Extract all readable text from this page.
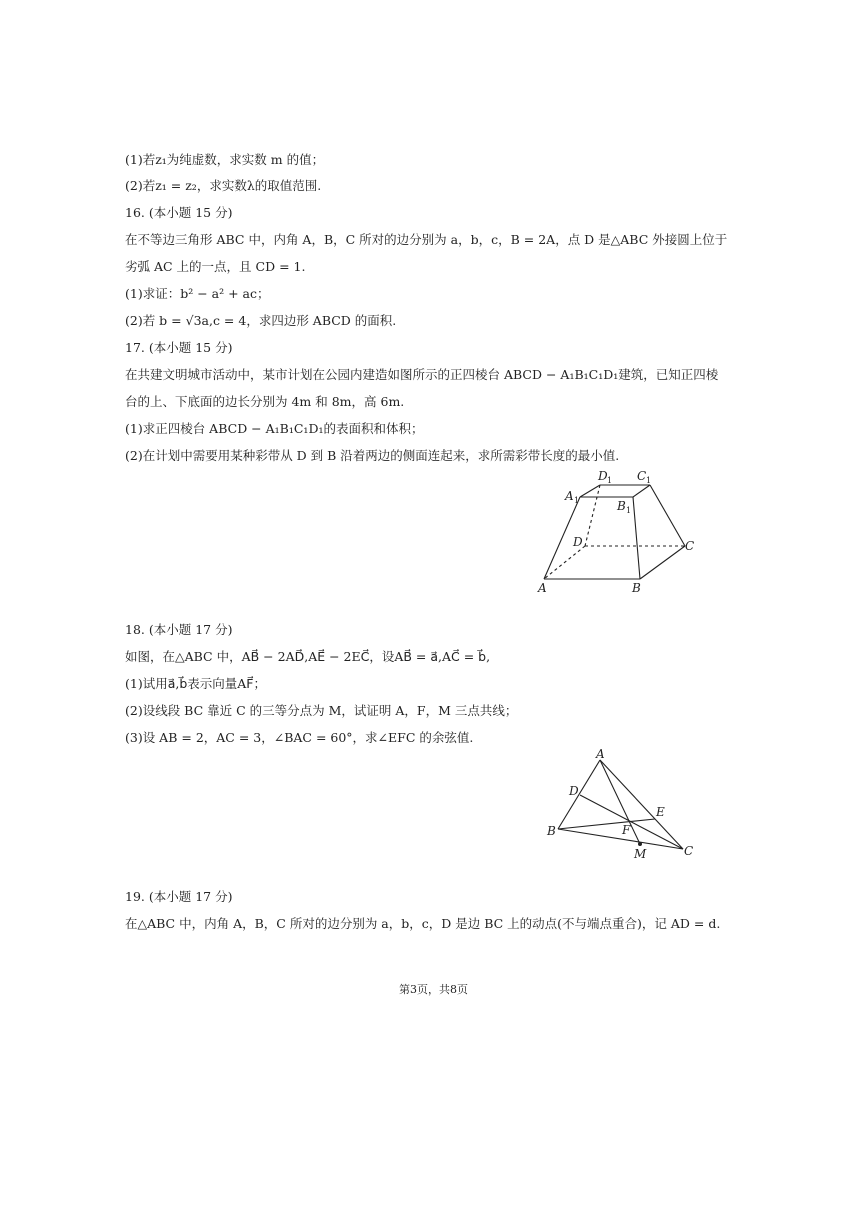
(1)若z₁为纯虚数，求实数 m 的值；

(2)若z₁ = z₂，求实数λ的取值范围.

16. (本小题 15 分)

在不等边三角形 ABC 中，内角 A，B，C 所对的边分别为 a，b，c，B = 2A，点 D 是△ABC 外接圆上位于

劣弧 AC 上的一点，且 CD = 1.

(1)求证：b² − a² + ac；

(2)若 b = √3a,c = 4，求四边形 ABCD 的面积.

17. (本小题 15 分)

在共建文明城市活动中，某市计划在公园内建造如图所示的正四棱台 ABCD − A₁B₁C₁D₁建筑，已知正四棱

台的上、下底面的边长分别为 4m 和 8m，高 6m.

(1)求正四棱台 ABCD − A₁B₁C₁D₁的表面积和体积；

(2)在计划中需要用某种彩带从 D 到 B 沿着两边的侧面连起来，求所需彩带长度的最小值.

D 1 C 1
A 1	B 1
D	C
A	B

18. (本小题 17 分)

如图，在△ABC 中，AB⃗ − 2AD⃗,AE⃗ − 2EC⃗，设AB⃗ = a⃗,AC⃗ = b⃗,

(1)试用a⃗,b⃗表示向量AF⃗；

(2)设线段 BC 靠近 C 的三等分点为 M，试证明 A，F，M 三点共线；

(3)设 AB = 2，AC = 3，∠BAC = 60°，求∠EFC 的余弦值.

A
D
E
B	F
M	C

19. (本小题 17 分)

在△ABC 中，内角 A，B，C 所对的边分别为 a，b，c，D 是边 BC 上的动点(不与端点重合)，记 AD = d.

第3页，共8页
